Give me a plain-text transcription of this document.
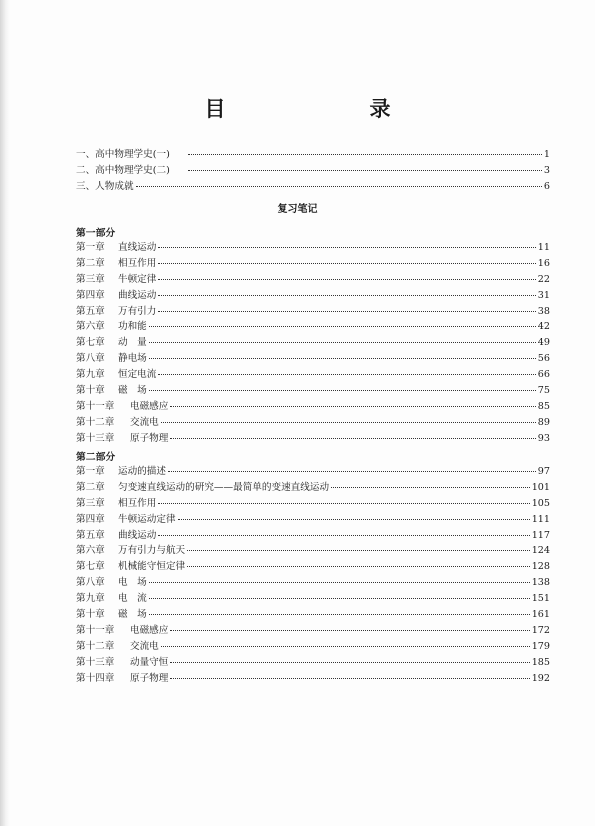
目　　录
一、高中物理学史(一)	1
二、高中物理学史(二)	3
三、人物成就	6
复习笔记
第一部分
第一章 直线运动	11
第二章 相互作用	16
第三章 牛顿定律	22
第四章 曲线运动	31
第五章 万有引力	38
第六章 功和能	42
第七章 动　量	49
第八章 静电场	56
第九章 恒定电流	66
第十章 磁　场	75
第十一章 电磁感应	85
第十二章 交流电	89
第十三章 原子物理	93
第二部分
第一章 运动的描述	97
第二章 匀变速直线运动的研究——最简单的变速直线运动	101
第三章 相互作用	105
第四章 牛顿运动定律	111
第五章 曲线运动	117
第六章 万有引力与航天	124
第七章 机械能守恒定律	128
第八章 电　场	138
第九章 电　流	151
第十章 磁　场	161
第十一章 电磁感应	172
第十二章 交流电	179
第十三章 动量守恒	185
第十四章 原子物理	192
